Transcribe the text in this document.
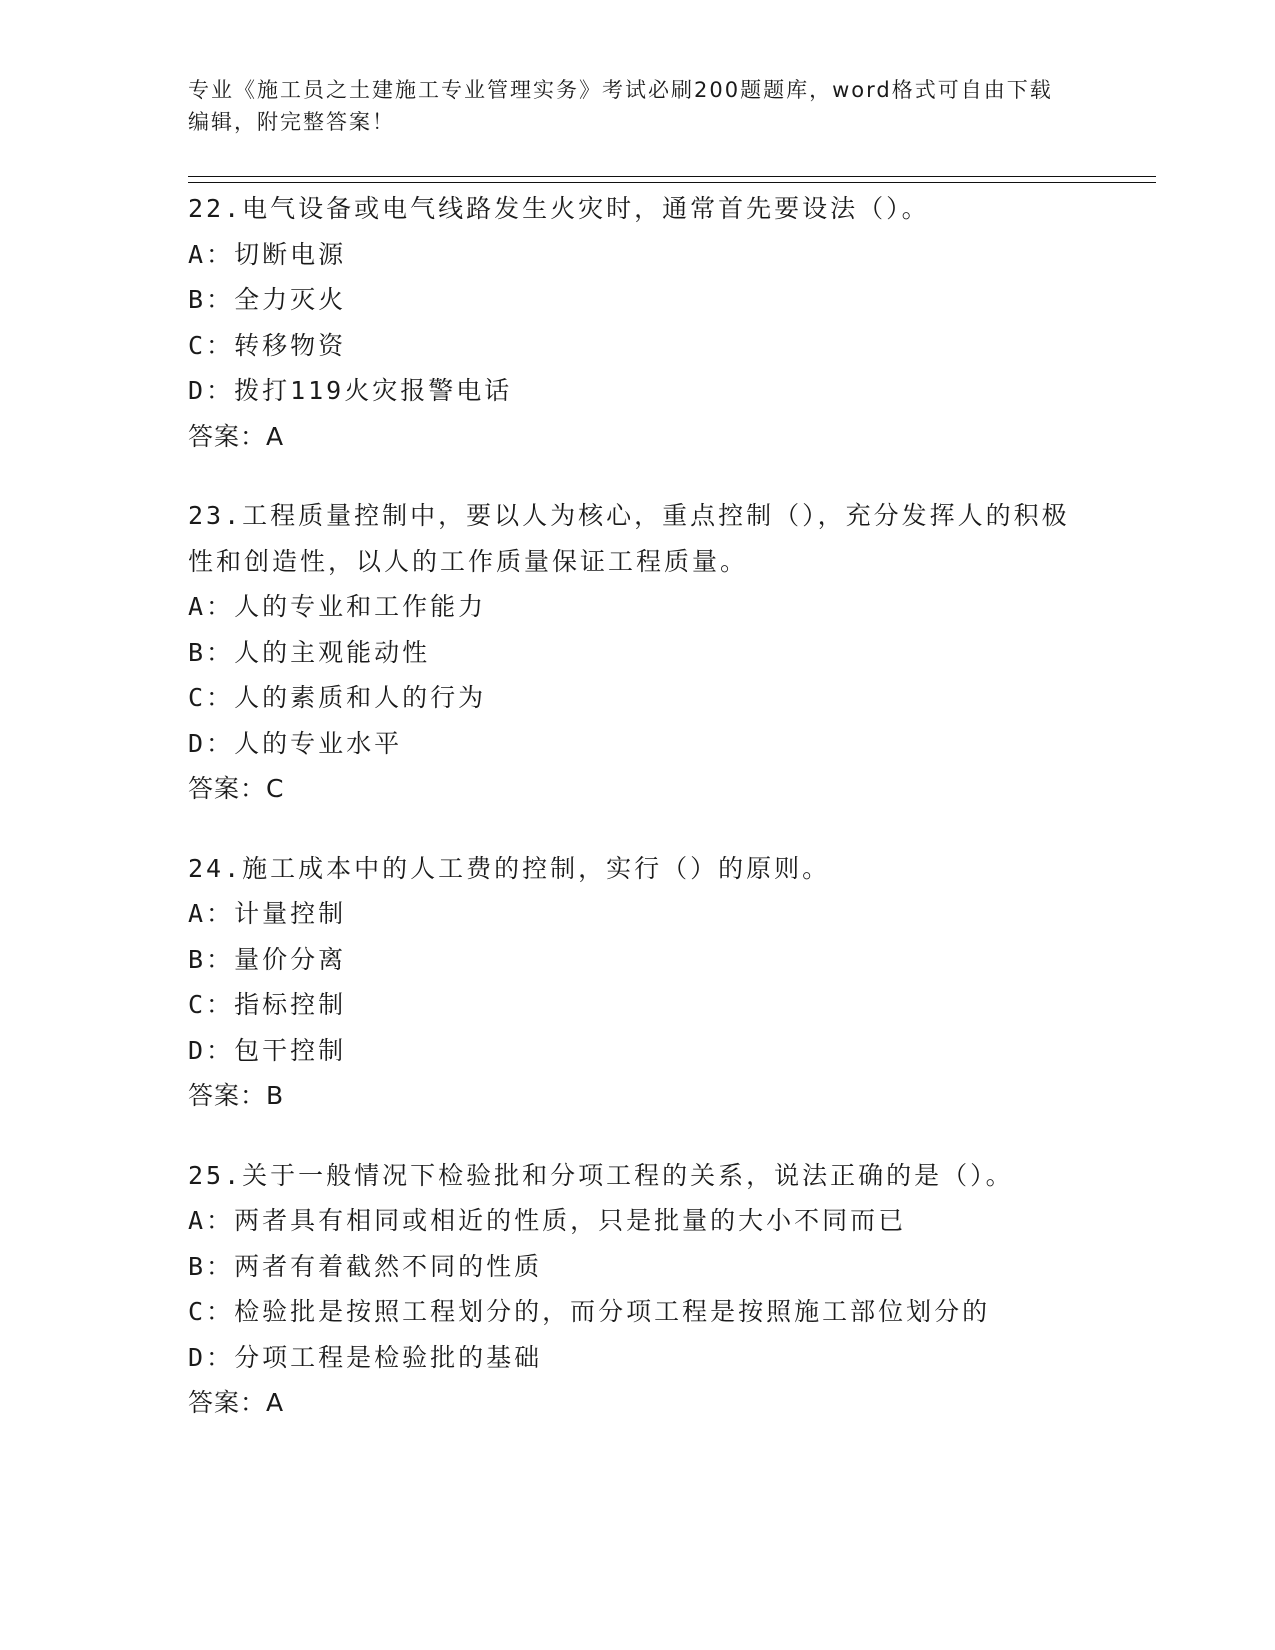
专业《施工员之土建施工专业管理实务》考试必刷200题题库，word格式可自由下载编辑，附完整答案！
22.电气设备或电气线路发生火灾时，通常首先要设法（）。
A：切断电源
B：全力灭火
C：转移物资
D：拨打119火灾报警电话
答案：A
23.工程质量控制中，要以人为核心，重点控制（），充分发挥人的积极性和创造性，以人的工作质量保证工程质量。
A：人的专业和工作能力
B：人的主观能动性
C：人的素质和人的行为
D：人的专业水平
答案：C
24.施工成本中的人工费的控制，实行（）的原则。
A：计量控制
B：量价分离
C：指标控制
D：包干控制
答案：B
25.关于一般情况下检验批和分项工程的关系，说法正确的是（）。
A：两者具有相同或相近的性质，只是批量的大小不同而已
B：两者有着截然不同的性质
C：检验批是按照工程划分的，而分项工程是按照施工部位划分的
D：分项工程是检验批的基础
答案：A
